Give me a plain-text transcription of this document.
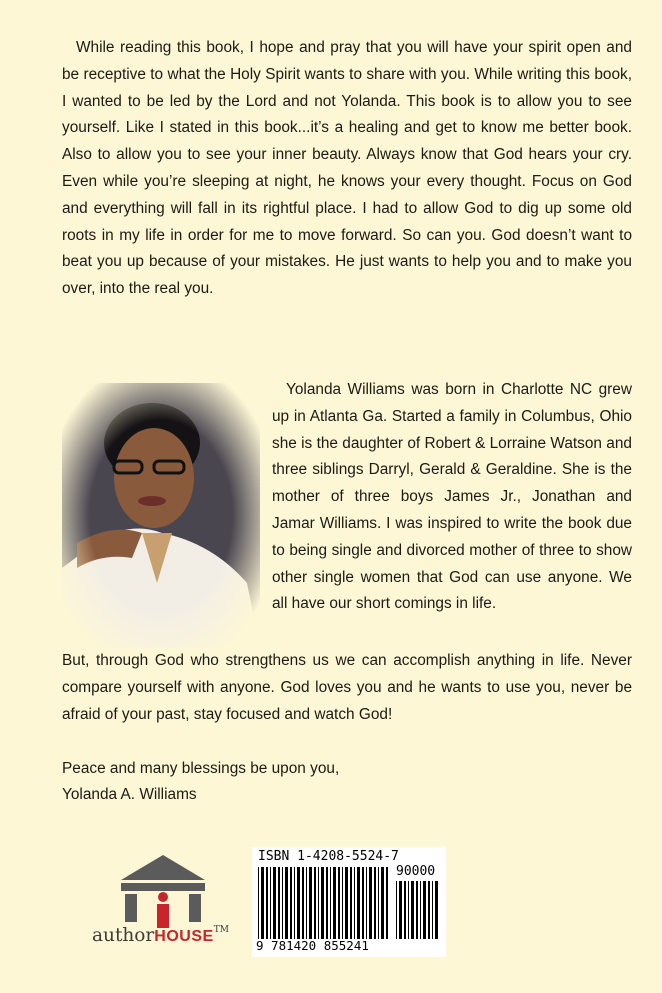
While reading this book, I hope and pray that you will have your spirit open and be receptive to what the Holy Spirit wants to share with you. While writing this book, I wanted to be led by the Lord and not Yolanda. This book is to allow you to see yourself. Like I stated in this book...it’s a healing and get to know me better book. Also to allow you to see your inner beauty. Always know that God hears your cry. Even while you’re sleeping at night, he knows your every thought. Focus on God and everything will fall in its rightful place. I had to allow God to dig up some old roots in my life in order for me to move forward. So can you. God doesn’t want to beat you up because of your mistakes. He just wants to help you and to make you over, into the real you.

Yolanda Williams was born in Charlotte NC grew up in Atlanta Ga. Started a family in Columbus, Ohio she is the daughter of Robert & Lorraine Watson and three siblings Darryl, Gerald & Geraldine. She is the mother of three boys James Jr., Jonathan and Jamar Williams. I was inspired to write the book due to being single and divorced mother of three to show other single women that God can use anyone. We all have our short comings in life.

But, through God who strengthens us we can accomplish anything in life. Never compare yourself with anyone. God loves you and he wants to use you, never be afraid of your past, stay focused and watch God!

Peace and many blessings be upon you,

Yolanda A. Williams

authorHOUSE™
ISBN 1-4208-5524-7
90000
9 781420 855241
